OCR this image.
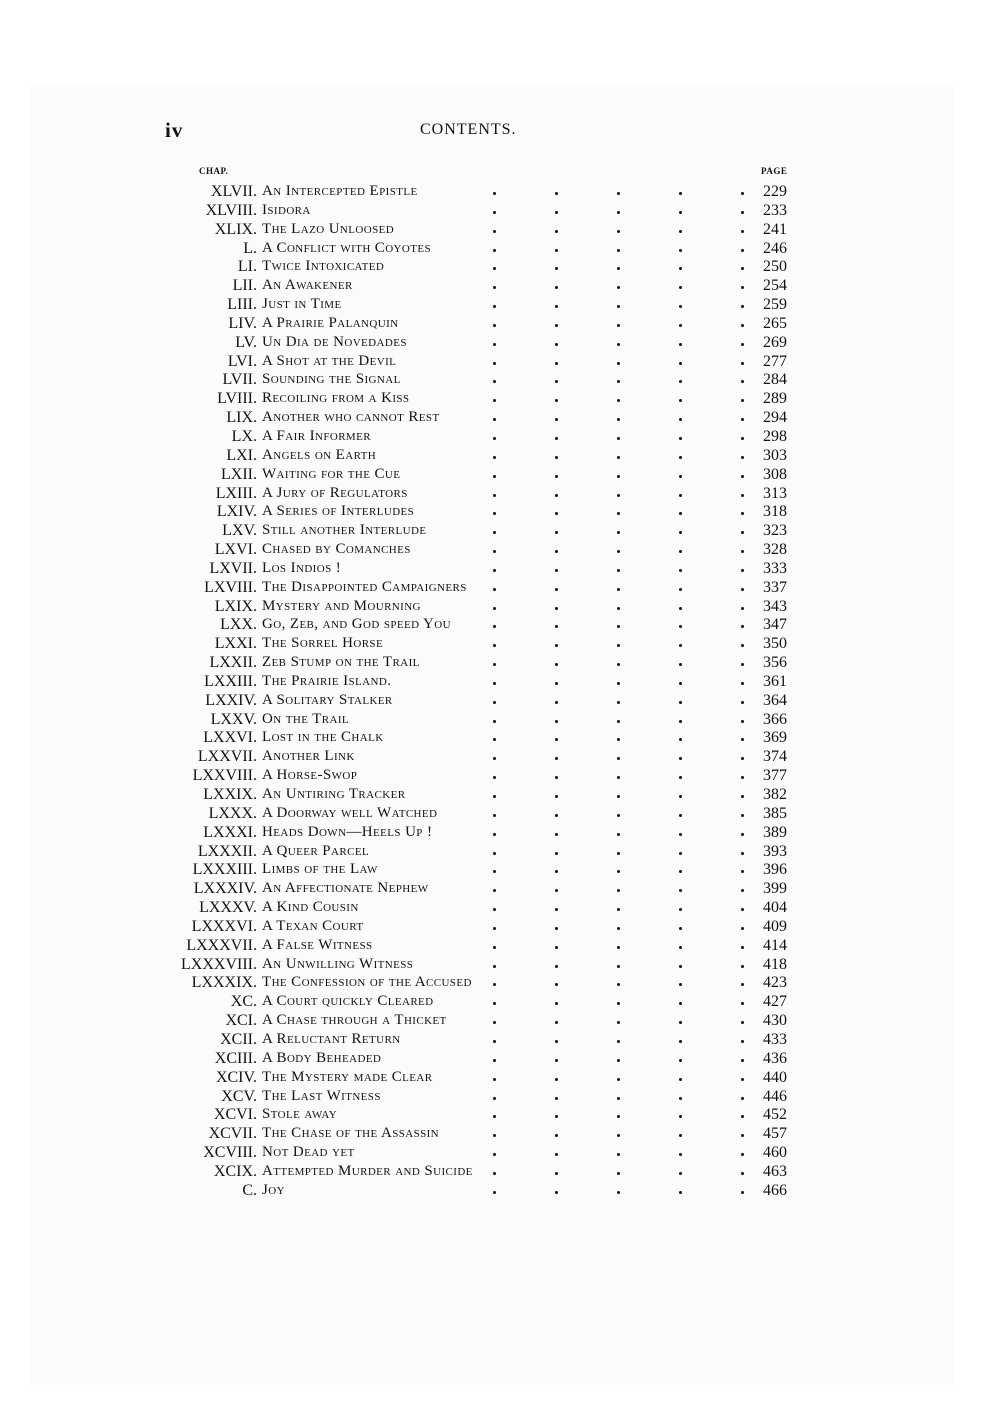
iv	CONTENTS.
CHAP.	PAGE
XLVII. An Intercepted Epistle	229
XLVIII. Isidora	233
XLIX. The Lazo Unloosed	241
L. A Conflict with Coyotes	246
LI. Twice Intoxicated	250
LII. An Awakener	254
LIII. Just in Time	259
LIV. A Prairie Palanquin	265
LV. Un Dia de Novedades	269
LVI. A Shot at the Devil	277
LVII. Sounding the Signal	284
LVIII. Recoiling from a Kiss	289
LIX. Another who cannot Rest	294
LX. A Fair Informer	298
LXI. Angels on Earth	303
LXII. Waiting for the Cue	308
LXIII. A Jury of Regulators	313
LXIV. A Series of Interludes	318
LXV. Still another Interlude	323
LXVI. Chased by Comanches	328
LXVII. Los Indios !	333
LXVIII. The Disappointed Campaigners	337
LXIX. Mystery and Mourning	343
LXX. Go, Zeb, and God speed You	347
LXXI. The Sorrel Horse	350
LXXII. Zeb Stump on the Trail	356
LXXIII. The Prairie Island.	361
LXXIV. A Solitary Stalker	364
LXXV. On the Trail	366
LXXVI. Lost in the Chalk	369
LXXVII. Another Link	374
LXXVIII. A Horse-Swop	377
LXXIX. An Untiring Tracker	382
LXXX. A Doorway well Watched	385
LXXXI. Heads Down—Heels Up !	389
LXXXII. A Queer Parcel	393
LXXXIII. Limbs of the Law	396
LXXXIV. An Affectionate Nephew	399
LXXXV. A Kind Cousin	404
LXXXVI. A Texan Court	409
LXXXVII. A False Witness	414
LXXXVIII. An Unwilling Witness	418
LXXXIX. The Confession of the Accused	423
XC. A Court quickly Cleared	427
XCI. A Chase through a Thicket	430
XCII. A Reluctant Return	433
XCIII. A Body Beheaded	436
XCIV. The Mystery made Clear	440
XCV. The Last Witness	446
XCVI. Stole away	452
XCVII. The Chase of the Assassin	457
XCVIII. Not Dead yet	460
XCIX. Attempted Murder and Suicide	463
C. Joy	466
